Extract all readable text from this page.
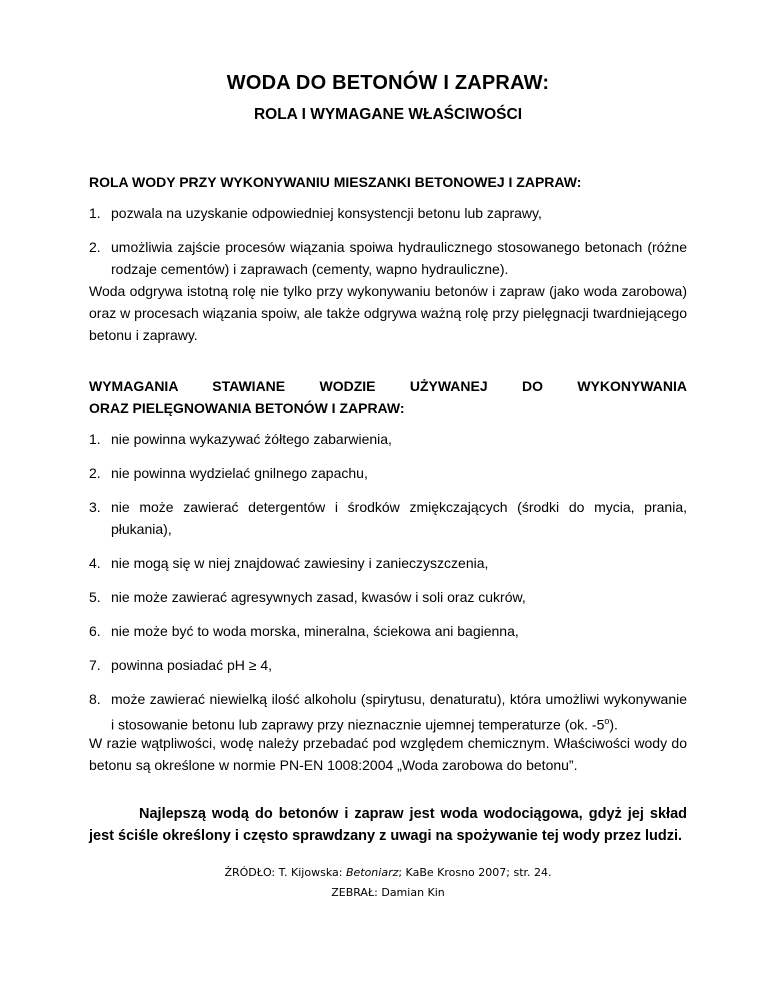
WODA DO BETONÓW I ZAPRAW:
ROLA I WYMAGANE WŁAŚCIWOŚCI
ROLA WODY PRZY WYKONYWANIU MIESZANKI BETONOWEJ I ZAPRAW:
1. pozwala na uzyskanie odpowiedniej konsystencji betonu lub zaprawy,
2. umożliwia zajście procesów wiązania spoiwa hydraulicznego stosowanego betonach (różne rodzaje cementów) i zaprawach (cementy, wapno hydrauliczne).
Woda odgrywa istotną rolę nie tylko przy wykonywaniu betonów i zapraw (jako woda zarobowa) oraz w procesach wiązania spoiw, ale także odgrywa ważną rolę przy pielęgnacji twardniejącego betonu i zaprawy.
WYMAGANIA STAWIANE WODZIE UŻYWANEJ DO WYKONYWANIA
ORAZ PIELĘGNOWANIA BETONÓW I ZAPRAW:
1. nie powinna wykazywać żółtego zabarwienia,
2. nie powinna wydzielać gnilnego zapachu,
3. nie może zawierać detergentów i środków zmiękczających (środki do mycia, prania, płukania),
4. nie mogą się w niej znajdować zawiesiny i zanieczyszczenia,
5. nie może zawierać agresywnych zasad, kwasów i soli oraz cukrów,
6. nie może być to woda morska, mineralna, ściekowa ani bagienna,
7. powinna posiadać pH ≥ 4,
8. może zawierać niewielką ilość alkoholu (spirytusu, denaturatu), która umożliwi wykonywanie i stosowanie betonu lub zaprawy przy nieznacznie ujemnej temperaturze (ok. -5$^o$).
W razie wątpliwości, wodę należy przebadać pod względem chemicznym. Właściwości wody do betonu są określone w normie PN-EN 1008:2004 „Woda zarobowa do betonu”.
Najlepszą wodą do betonów i zapraw jest woda wodociągowa, gdyż jej skład jest ściśle określony i często sprawdzany z uwagi na spożywanie tej wody przez ludzi.
ŹRÓDŁO: T. Kijowska: Betoniarz; KaBe Krosno 2007; str. 24.
ZEBRAŁ: Damian Kin
